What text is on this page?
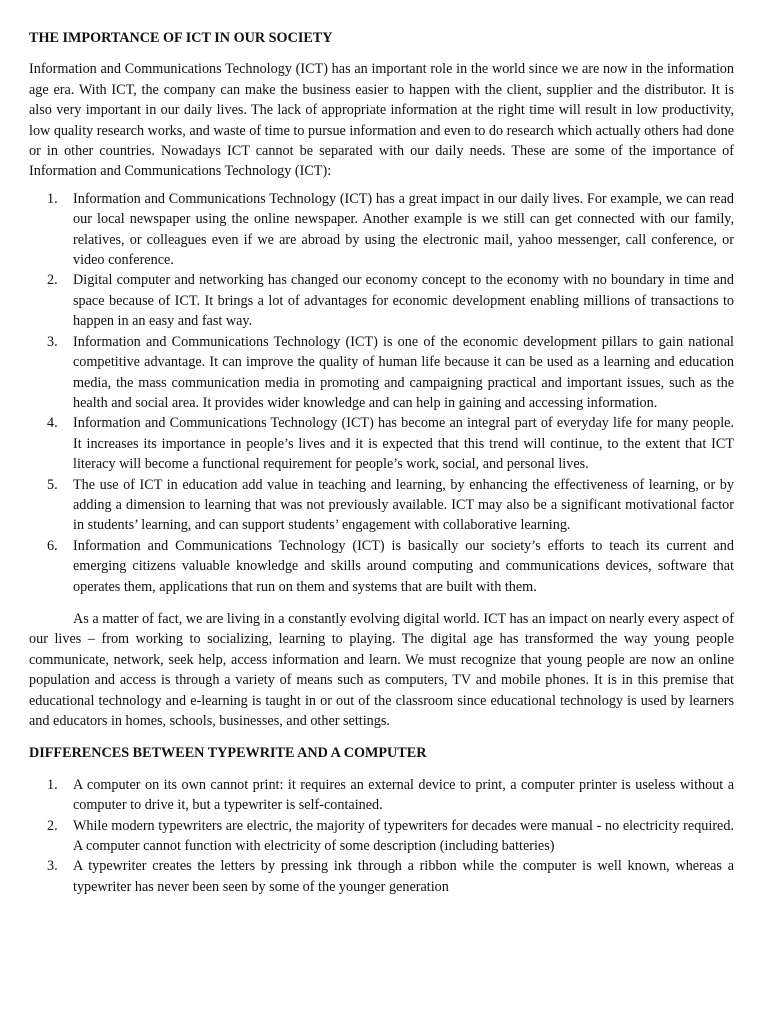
THE IMPORTANCE OF ICT IN OUR SOCIETY

Information and Communications Technology (ICT) has an important role in the world since we are now in the information age era. With ICT, the company can make the business easier to happen with the client, supplier and the distributor. It is also very important in our daily lives. The lack of appropriate information at the right time will result in low productivity, low quality research works, and waste of time to pursue information and even to do research which actually others had done or in other countries. Nowadays ICT cannot be separated with our daily needs. These are some of the importance of Information and Communications Technology (ICT):

1. Information and Communications Technology (ICT) has a great impact in our daily lives. For example, we can read our local newspaper using the online newspaper. Another example is we still can get connected with our family, relatives, or colleagues even if we are abroad by using the electronic mail, yahoo messenger, call conference, or video conference.
2. Digital computer and networking has changed our economy concept to the economy with no boundary in time and space because of ICT. It brings a lot of advantages for economic development enabling millions of transactions to happen in an easy and fast way.
3. Information and Communications Technology (ICT) is one of the economic development pillars to gain national competitive advantage. It can improve the quality of human life because it can be used as a learning and education media, the mass communication media in promoting and campaigning practical and important issues, such as the health and social area. It provides wider knowledge and can help in gaining and accessing information.
4. Information and Communications Technology (ICT) has become an integral part of everyday life for many people. It increases its importance in people’s lives and it is expected that this trend will continue, to the extent that ICT literacy will become a functional requirement for people’s work, social, and personal lives.
5. The use of ICT in education add value in teaching and learning, by enhancing the effectiveness of learning, or by adding a dimension to learning that was not previously available. ICT may also be a significant motivational factor in students’ learning, and can support students’ engagement with collaborative learning.
6. Information and Communications Technology (ICT) is basically our society’s efforts to teach its current and emerging citizens valuable knowledge and skills around computing and communications devices, software that operates them, applications that run on them and systems that are built with them.

As a matter of fact, we are living in a constantly evolving digital world. ICT has an impact on nearly every aspect of our lives – from working to socializing, learning to playing. The digital age has transformed the way young people communicate, network, seek help, access information and learn. We must recognize that young people are now an online population and access is through a variety of means such as computers, TV and mobile phones. It is in this premise that educational technology and e-learning is taught in or out of the classroom since educational technology is used by learners and educators in homes, schools, businesses, and other settings.

DIFFERENCES BETWEEN TYPEWRITE AND A COMPUTER
1. A computer on its own cannot print: it requires an external device to print, a computer printer is useless without a computer to drive it, but a typewriter is self-contained.
2. While modern typewriters are electric, the majority of typewriters for decades were manual - no electricity required. A computer cannot function with electricity of some description (including batteries)
3. A typewriter creates the letters by pressing ink through a ribbon while the computer is well known, whereas a typewriter has never been seen by some of the younger generation
